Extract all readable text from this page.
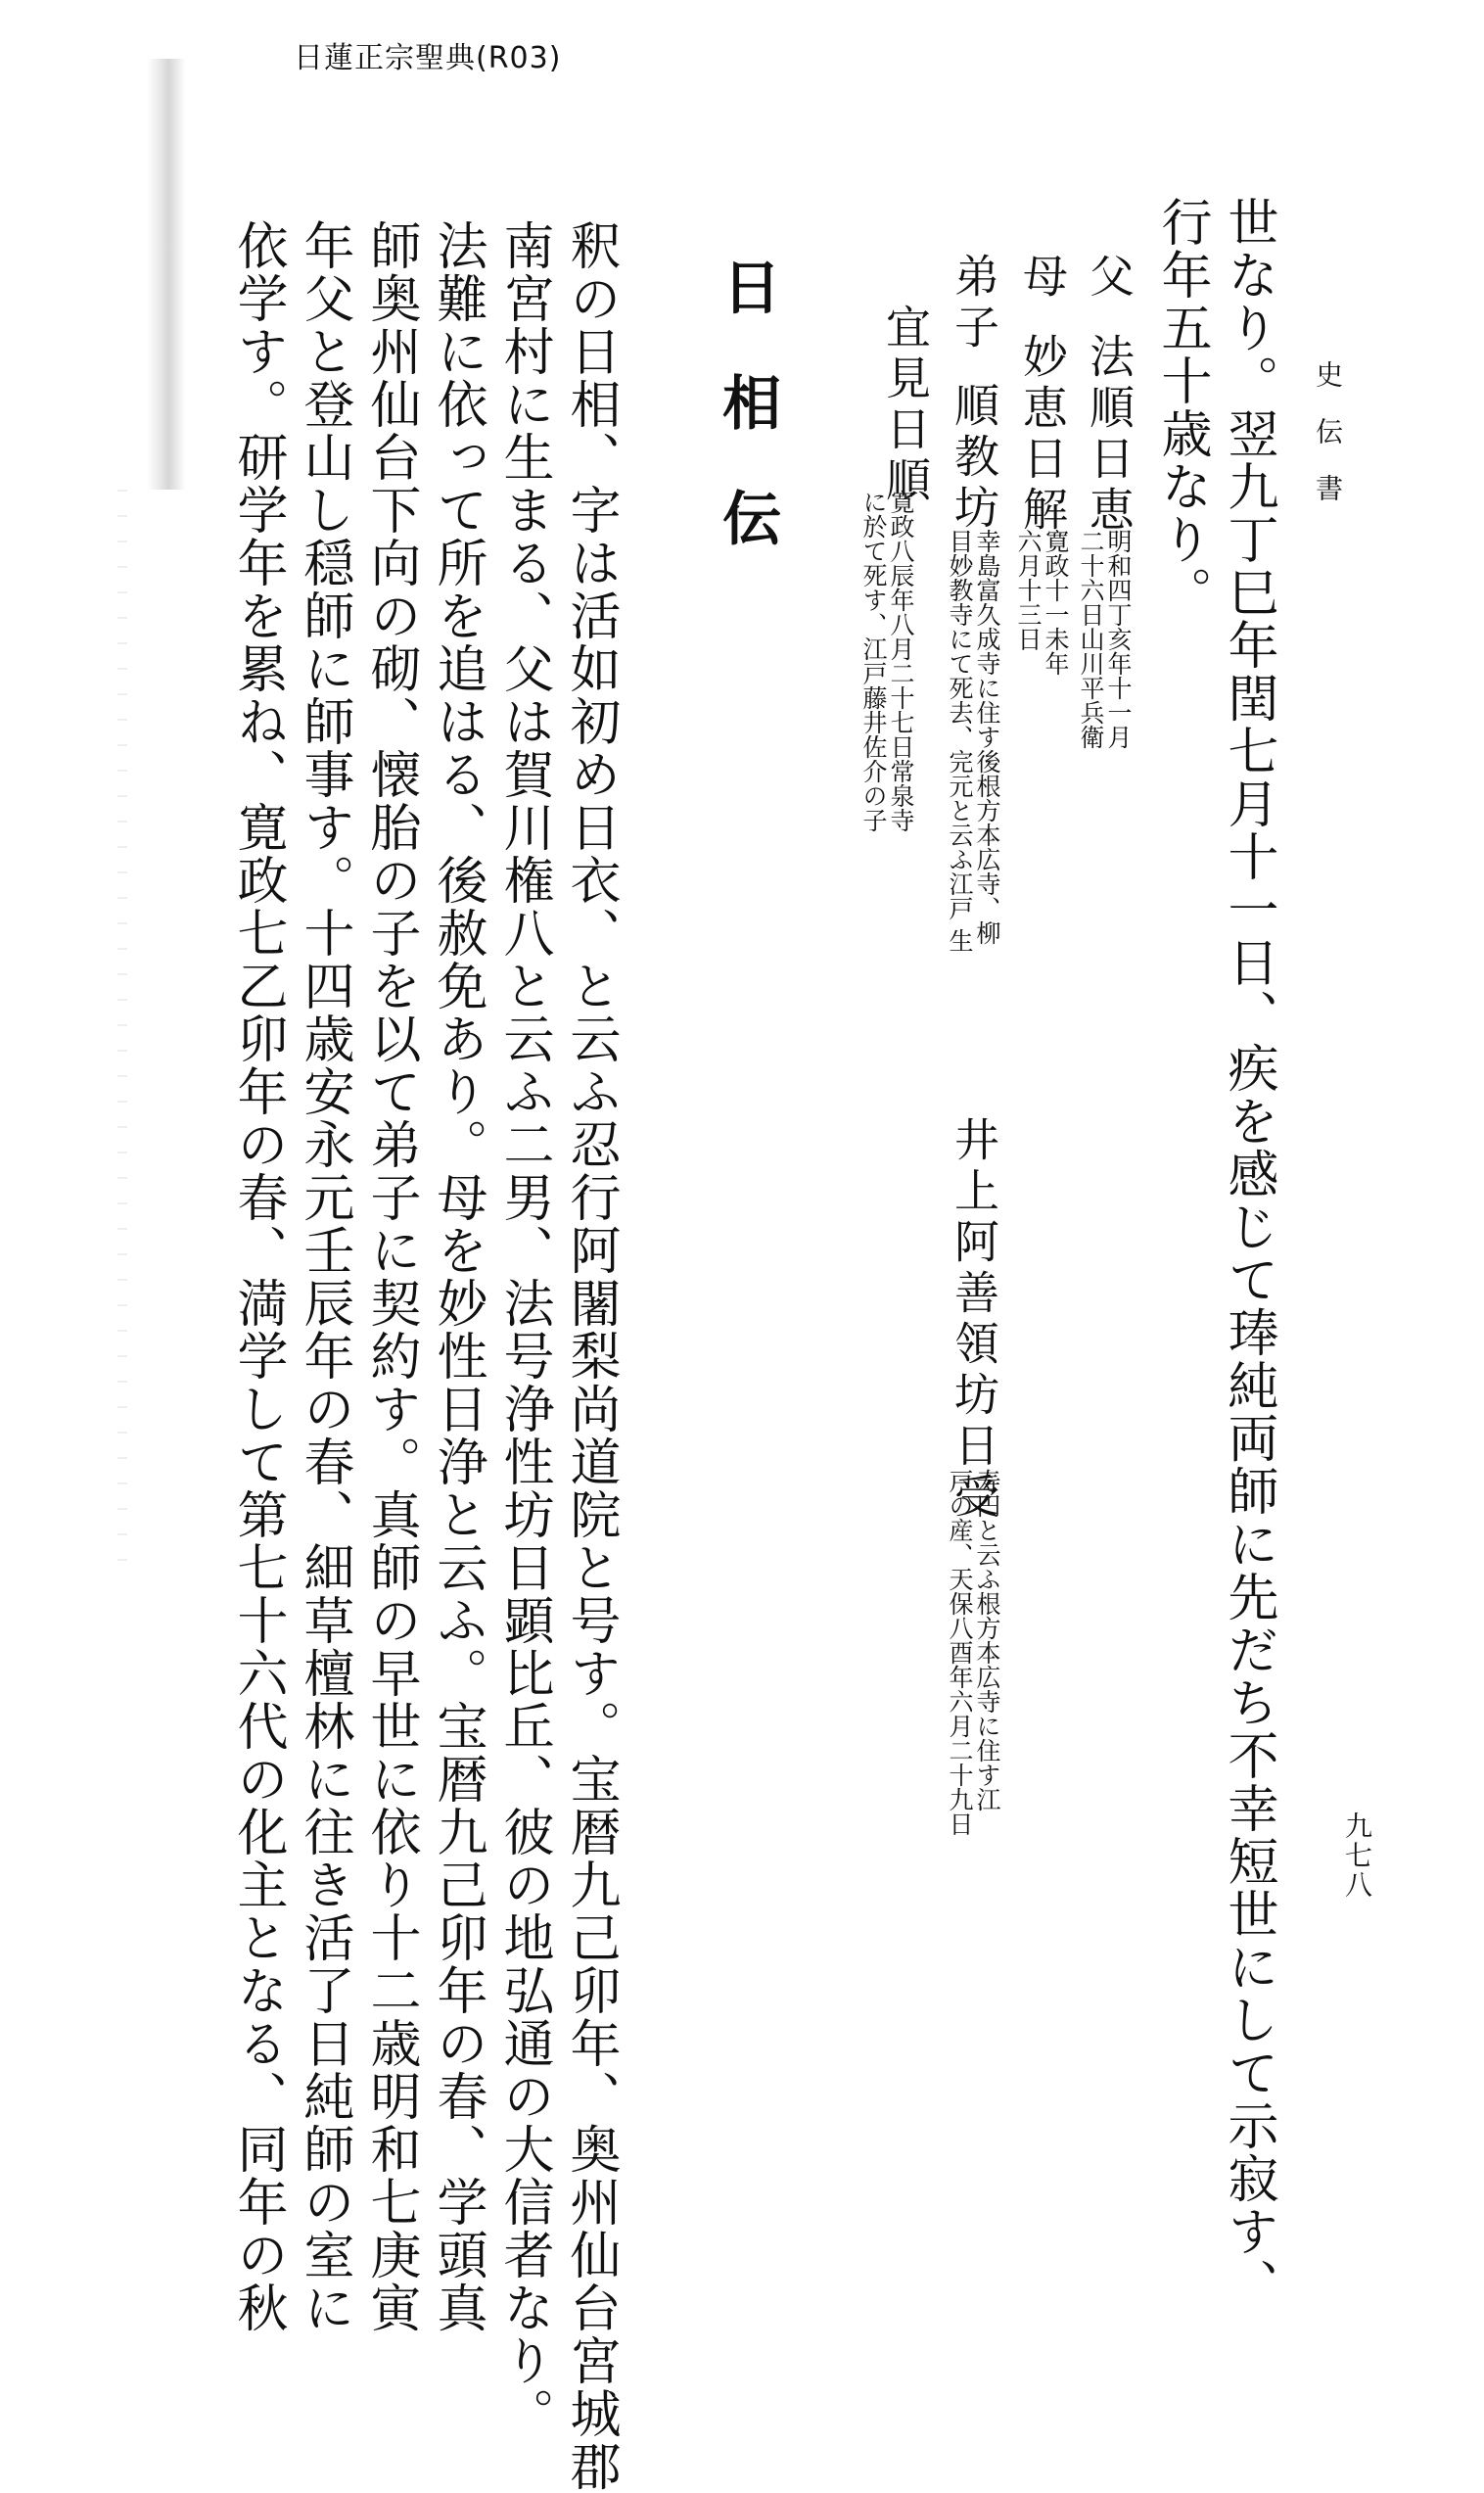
日蓮正宗聖典(R03)
史伝書
九七八
世なり。翌九丁巳年閏七月十一日、疾を感じて琫純両師に先だち不幸短世にして示寂す、
行年五十歳なり。
父
法順日恵
明和四丁亥年十一月
二十六日山川平兵衛
母
妙恵日解
寛政十一未年
六月十三日
弟子
順教坊
幸島富久成寺に住す後根方本広寺、柳
目妙教寺にて死去、完元と云ふ江戸 生
井上阿善領坊日受
寿円と云ふ根方本広寺に住す江
戸の産、天保八酉年六月二十九日
宜見日順
寛政八辰年八月二十七日常泉寺
に於て死す、江戸藤井佐介の子
日相伝
釈の日相、字は活如初め日衣、と云ふ忍行阿闍梨尚道院と号す。宝暦九己卯年、奥州仙台宮城郡
南宮村に生まる、父は賀川権八と云ふ二男、法号浄性坊日顕比丘、彼の地弘通の大信者なり。
法難に依って所を追はる、後赦免あり。母を妙性日浄と云ふ。宝暦九己卯年の春、学頭真
師奥州仙台下向の砌、懐胎の子を以て弟子に契約す。真師の早世に依り十二歳明和七庚寅
年父と登山し穏師に師事す。十四歳安永元壬辰年の春、細草檀林に往き活了日純師の室に
依学す。研学年を累ね、寛政七乙卯年の春、満学して第七十六代の化主となる、同年の秋
